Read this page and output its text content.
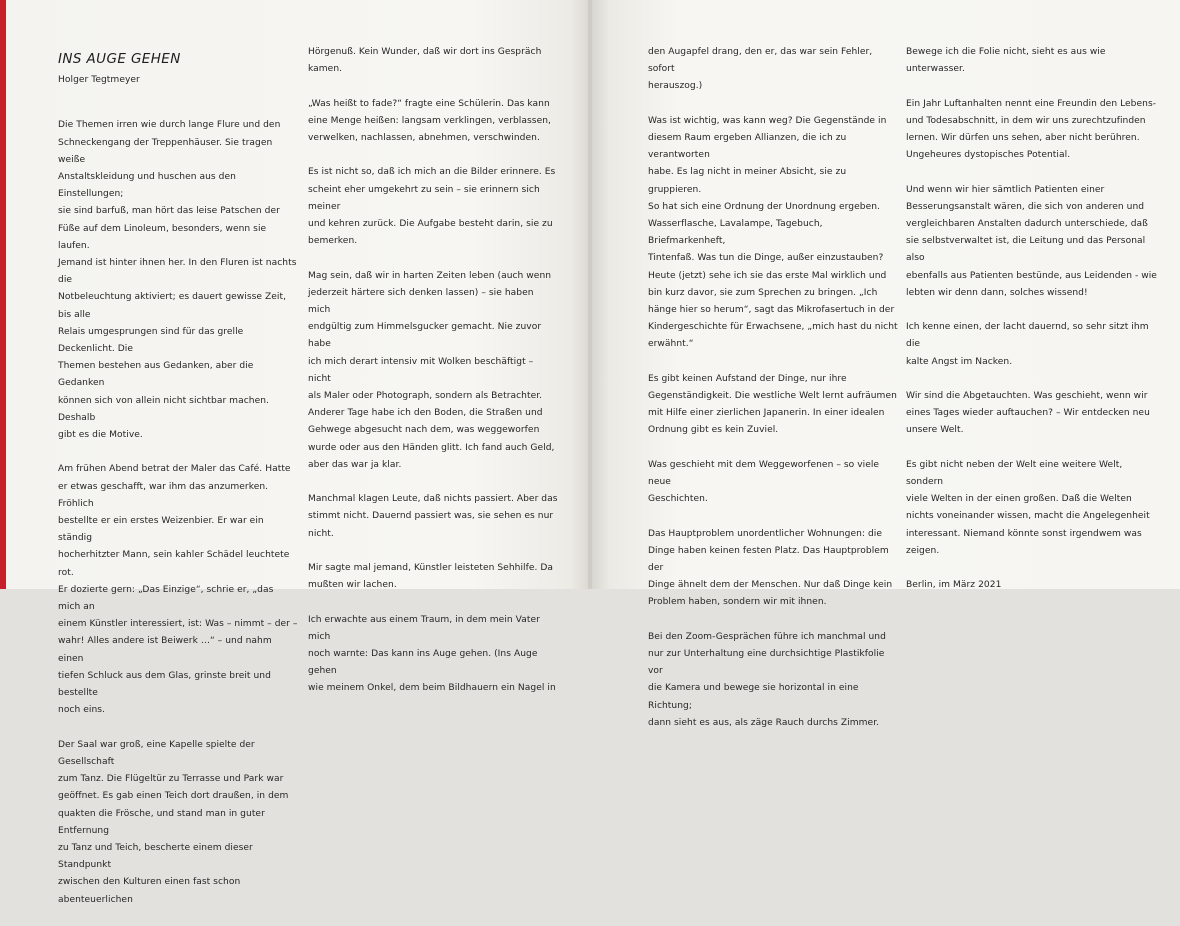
INS AUGE GEHEN

Holger Tegtmeyer

Die Themen irren wie durch lange Flure und den
Schneckengang der Treppenhäuser. Sie tragen weiße
Anstaltskleidung und huschen aus den Einstellungen;
sie sind barfuß, man hört das leise Patschen der
Füße auf dem Linoleum, besonders, wenn sie laufen.
Jemand ist hinter ihnen her. In den Fluren ist nachts die
Notbeleuchtung aktiviert; es dauert gewisse Zeit, bis alle
Relais umgesprungen sind für das grelle Deckenlicht. Die
Themen bestehen aus Gedanken, aber die Gedanken
können sich von allein nicht sichtbar machen. Deshalb
gibt es die Motive.

Am frühen Abend betrat der Maler das Café. Hatte
er etwas geschafft, war ihm das anzumerken. Fröhlich
bestellte er ein erstes Weizenbier. Er war ein ständig
hocherhitzter Mann, sein kahler Schädel leuchtete rot.
Er dozierte gern: „Das Einzige“, schrie er, „das mich an
einem Künstler interessiert, ist: Was – nimmt – der –
wahr! Alles andere ist Beiwerk …“ – und nahm einen
tiefen Schluck aus dem Glas, grinste breit und bestellte
noch eins.

Der Saal war groß, eine Kapelle spielte der Gesellschaft
zum Tanz. Die Flügeltür zu Terrasse und Park war
geöffnet. Es gab einen Teich dort draußen, in dem
quakten die Frösche, und stand man in guter Entfernung
zu Tanz und Teich, bescherte einem dieser Standpunkt
zwischen den Kulturen einen fast schon abenteuerlichen

Hörgenuß. Kein Wunder, daß wir dort ins Gespräch
kamen.

„Was heißt to fade?“ fragte eine Schülerin. Das kann
eine Menge heißen: langsam verklingen, verblassen,
verwelken, nachlassen, abnehmen, verschwinden.

Es ist nicht so, daß ich mich an die Bilder erinnere. Es
scheint eher umgekehrt zu sein – sie erinnern sich meiner
und kehren zurück. Die Aufgabe besteht darin, sie zu
bemerken.

Mag sein, daß wir in harten Zeiten leben (auch wenn
jederzeit härtere sich denken lassen) – sie haben mich
endgültig zum Himmelsgucker gemacht. Nie zuvor habe
ich mich derart intensiv mit Wolken beschäftigt – nicht
als Maler oder Photograph, sondern als Betrachter.
Anderer Tage habe ich den Boden, die Straßen und
Gehwege abgesucht nach dem, was weggeworfen
wurde oder aus den Händen glitt. Ich fand auch Geld,
aber das war ja klar.

Manchmal klagen Leute, daß nichts passiert. Aber das
stimmt nicht. Dauernd passiert was, sie sehen es nur
nicht.

Mir sagte mal jemand, Künstler leisteten Sehhilfe. Da
mußten wir lachen.

Ich erwachte aus einem Traum, in dem mein Vater mich
noch warnte: Das kann ins Auge gehen. (Ins Auge gehen
wie meinem Onkel, dem beim Bildhauern ein Nagel in

den Augapfel drang, den er, das war sein Fehler, sofort
herauszog.)

Was ist wichtig, was kann weg? Die Gegenstände in
diesem Raum ergeben Allianzen, die ich zu verantworten
habe. Es lag nicht in meiner Absicht, sie zu gruppieren.
So hat sich eine Ordnung der Unordnung ergeben.
Wasserflasche, Lavalampe, Tagebuch, Briefmarkenheft,
Tintenfaß. Was tun die Dinge, außer einzustauben?
Heute (jetzt) sehe ich sie das erste Mal wirklich und
bin kurz davor, sie zum Sprechen zu bringen. „Ich
hänge hier so herum“, sagt das Mikrofasertuch in der
Kindergeschichte für Erwachsene, „mich hast du nicht
erwähnt.“

Es gibt keinen Aufstand der Dinge, nur ihre
Gegenständigkeit. Die westliche Welt lernt aufräumen
mit Hilfe einer zierlichen Japanerin. In einer idealen
Ordnung gibt es kein Zuviel.

Was geschieht mit dem Weggeworfenen – so viele neue
Geschichten.

Das Hauptproblem unordentlicher Wohnungen: die
Dinge haben keinen festen Platz. Das Hauptproblem der
Dinge ähnelt dem der Menschen. Nur daß Dinge kein
Problem haben, sondern wir mit ihnen.

Bei den Zoom-Gesprächen führe ich manchmal und
nur zur Unterhaltung eine durchsichtige Plastikfolie vor
die Kamera und bewege sie horizontal in eine Richtung;
dann sieht es aus, als zäge Rauch durchs Zimmer.

Bewege ich die Folie nicht, sieht es aus wie unterwasser.

Ein Jahr Luftanhalten nennt eine Freundin den Lebens-
und Todesabschnitt, in dem wir uns zurechtzufinden
lernen. Wir dürfen uns sehen, aber nicht berühren.
Ungeheures dystopisches Potential.

Und wenn wir hier sämtlich Patienten einer
Besserungsanstalt wären, die sich von anderen und
vergleichbaren Anstalten dadurch unterschiede, daß
sie selbstverwaltet ist, die Leitung und das Personal also
ebenfalls aus Patienten bestünde, aus Leidenden - wie
lebten wir denn dann, solches wissend!

Ich kenne einen, der lacht dauernd, so sehr sitzt ihm die
kalte Angst im Nacken.

Wir sind die Abgetauchten. Was geschieht, wenn wir
eines Tages wieder auftauchen? – Wir entdecken neu
unsere Welt.

Es gibt nicht neben der Welt eine weitere Welt, sondern
viele Welten in der einen großen. Daß die Welten
nichts voneinander wissen, macht die Angelegenheit
interessant. Niemand könnte sonst irgendwem was
zeigen.

Berlin, im März 2021
